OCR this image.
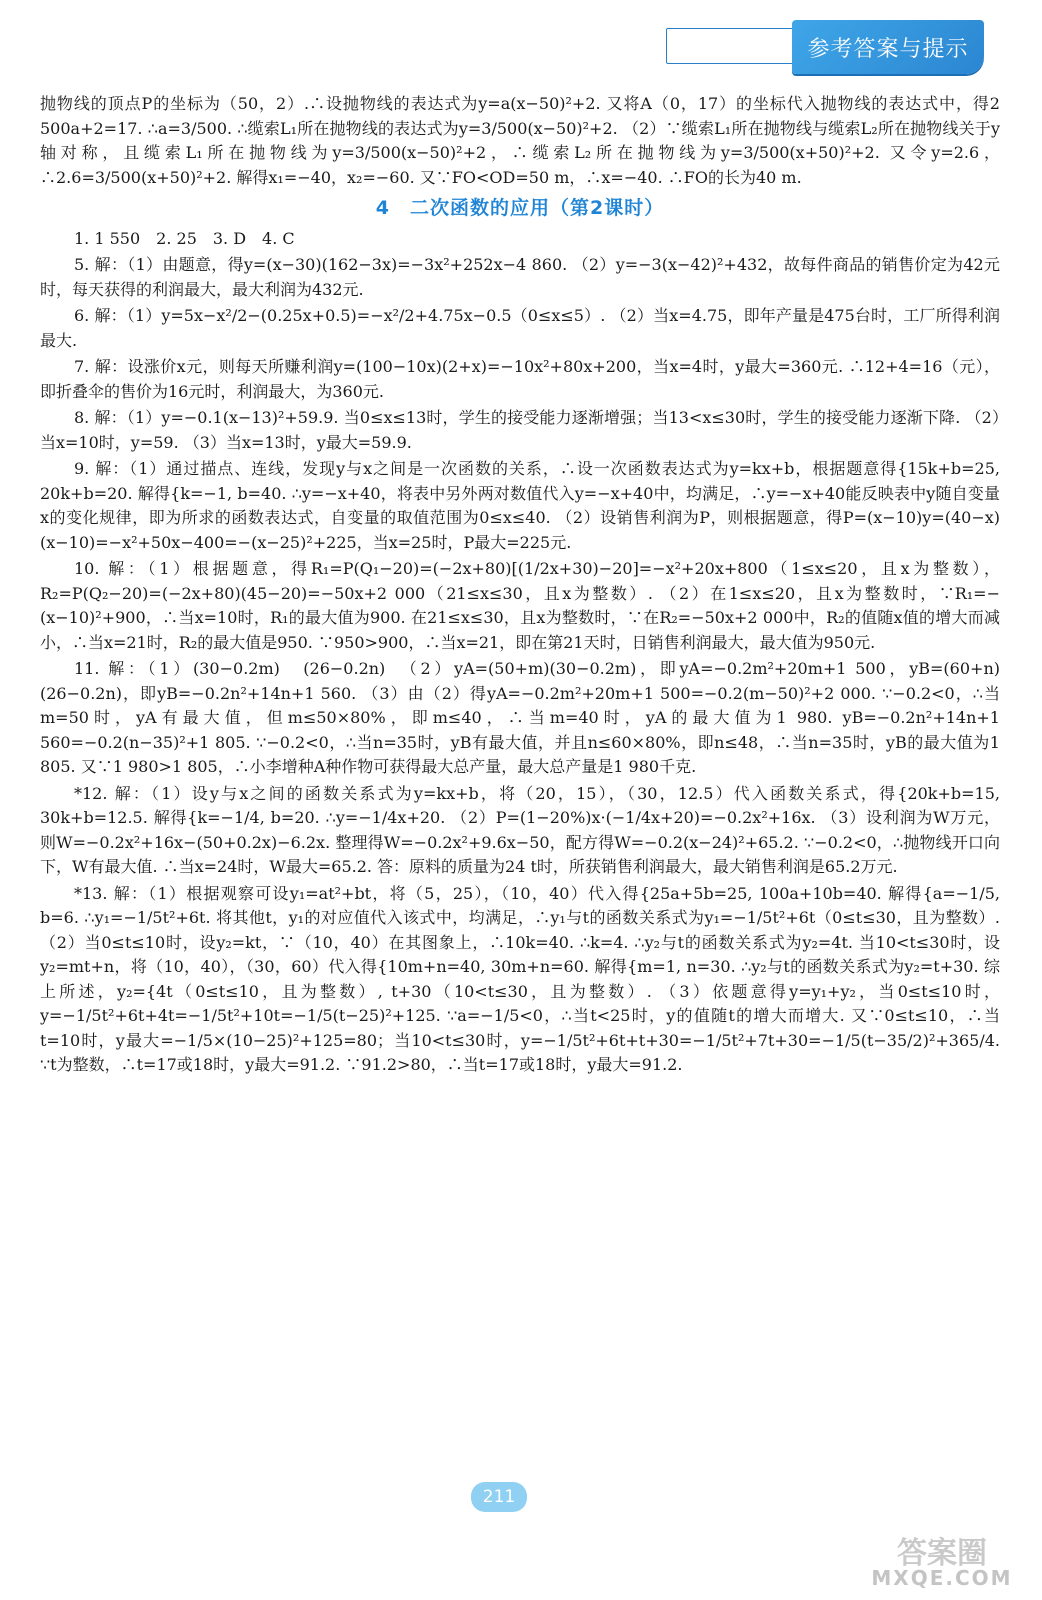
参考答案与提示

抛物线的顶点P的坐标为（50，2）.∴设抛物线的表达式为y=a(x−50)²+2. 又将A（0，17）的坐标代入抛物线的表达式中，得2 500a+2=17. ∴a=3/500. ∴缆索L₁所在抛物线的表达式为y=3/500(x−50)²+2. （2）∵缆索L₁所在抛物线与缆索L₂所在抛物线关于y轴对称，且缆索L₁所在抛物线为y=3/500(x−50)²+2，∴缆索L₂所在抛物线为y=3/500(x+50)²+2. 又令y=2.6，∴2.6=3/500(x+50)²+2. 解得x₁=−40，x₂=−60. 又∵FO<OD=50 m，∴x=−40. ∴FO的长为40 m.

4　二次函数的应用（第2课时）

1. 1 550　2. 25　3. D　4. C

5. 解：（1）由题意，得y=(x−30)(162−3x)=−3x²+252x−4 860. （2）y=−3(x−42)²+432，故每件商品的销售价定为42元时，每天获得的利润最大，最大利润为432元.

6. 解：（1）y=5x−x²/2−(0.25x+0.5)=−x²/2+4.75x−0.5（0≤x≤5）. （2）当x=4.75，即年产量是475台时，工厂所得利润最大.

7. 解：设涨价x元，则每天所赚利润y=(100−10x)(2+x)=−10x²+80x+200，当x=4时，y最大=360元. ∴12+4=16（元），即折叠伞的售价为16元时，利润最大，为360元.

8. 解：（1）y=−0.1(x−13)²+59.9. 当0≤x≤13时，学生的接受能力逐渐增强；当13<x≤30时，学生的接受能力逐渐下降. （2）当x=10时，y=59. （3）当x=13时，y最大=59.9.

9. 解：（1）通过描点、连线，发现y与x之间是一次函数的关系，∴设一次函数表达式为y=kx+b，根据题意得{15k+b=25, 20k+b=20. 解得{k=−1, b=40. ∴y=−x+40，将表中另外两对数值代入y=−x+40中，均满足，∴y=−x+40能反映表中y随自变量x的变化规律，即为所求的函数表达式，自变量的取值范围为0≤x≤40. （2）设销售利润为P，则根据题意，得P=(x−10)y=(40−x)(x−10)=−x²+50x−400=−(x−25)²+225，当x=25时，P最大=225元.

10. 解：（1）根据题意，得R₁=P(Q₁−20)=(−2x+80)[(1/2x+30)−20]=−x²+20x+800（1≤x≤20，且x为整数），R₂=P(Q₂−20)=(−2x+80)(45−20)=−50x+2 000（21≤x≤30，且x为整数）. （2）在1≤x≤20，且x为整数时，∵R₁=−(x−10)²+900，∴当x=10时，R₁的最大值为900. 在21≤x≤30，且x为整数时，∵在R₂=−50x+2 000中，R₂的值随x值的增大而减小，∴当x=21时，R₂的最大值是950. ∵950>900，∴当x=21，即在第21天时，日销售利润最大，最大值为950元.

11. 解：（1）(30−0.2m)　(26−0.2n)　（2）yA=(50+m)(30−0.2m)，即yA=−0.2m²+20m+1 500，yB=(60+n)(26−0.2n)，即yB=−0.2n²+14n+1 560. （3）由（2）得yA=−0.2m²+20m+1 500=−0.2(m−50)²+2 000. ∵−0.2<0，∴当m=50时，yA有最大值，但m≤50×80%，即m≤40，∴当m=40时，yA的最大值为1 980. yB=−0.2n²+14n+1 560=−0.2(n−35)²+1 805. ∵−0.2<0，∴当n=35时，yB有最大值，并且n≤60×80%，即n≤48，∴当n=35时，yB的最大值为1 805. 又∵1 980>1 805，∴小李增种A种作物可获得最大总产量，最大总产量是1 980千克.

*12. 解：（1）设y与x之间的函数关系式为y=kx+b，将（20，15），（30，12.5）代入函数关系式，得{20k+b=15, 30k+b=12.5. 解得{k=−1/4, b=20. ∴y=−1/4x+20. （2）P=(1−20%)x·(−1/4x+20)=−0.2x²+16x. （3）设利润为W万元，则W=−0.2x²+16x−(50+0.2x)−6.2x. 整理得W=−0.2x²+9.6x−50，配方得W=−0.2(x−24)²+65.2. ∵−0.2<0，∴抛物线开口向下，W有最大值. ∴当x=24时，W最大=65.2. 答：原料的质量为24 t时，所获销售利润最大，最大销售利润是65.2万元.

*13. 解：（1）根据观察可设y₁=at²+bt，将（5，25），（10，40）代入得{25a+5b=25, 100a+10b=40. 解得{a=−1/5, b=6. ∴y₁=−1/5t²+6t. 将其他t，y₁的对应值代入该式中，均满足，∴y₁与t的函数关系式为y₁=−1/5t²+6t（0≤t≤30，且为整数）. （2）当0≤t≤10时，设y₂=kt，∵（10，40）在其图象上，∴10k=40. ∴k=4. ∴y₂与t的函数关系式为y₂=4t. 当10<t≤30时，设y₂=mt+n，将（10，40），（30，60）代入得{10m+n=40, 30m+n=60. 解得{m=1, n=30. ∴y₂与t的函数关系式为y₂=t+30. 综上所述，y₂={4t（0≤t≤10，且为整数）, t+30（10<t≤30，且为整数）. （3）依题意得y=y₁+y₂，当0≤t≤10时，y=−1/5t²+6t+4t=−1/5t²+10t=−1/5(t−25)²+125. ∵a=−1/5<0，∴当t<25时，y的值随t的增大而增大. 又∵0≤t≤10，∴当t=10时，y最大=−1/5×(10−25)²+125=80；当10<t≤30时，y=−1/5t²+6t+t+30=−1/5t²+7t+30=−1/5(t−35/2)²+365/4. ∵t为整数，∴t=17或18时，y最大=91.2. ∵91.2>80，∴当t=17或18时，y最大=91.2.

211
答案圈
MXQE.COM
